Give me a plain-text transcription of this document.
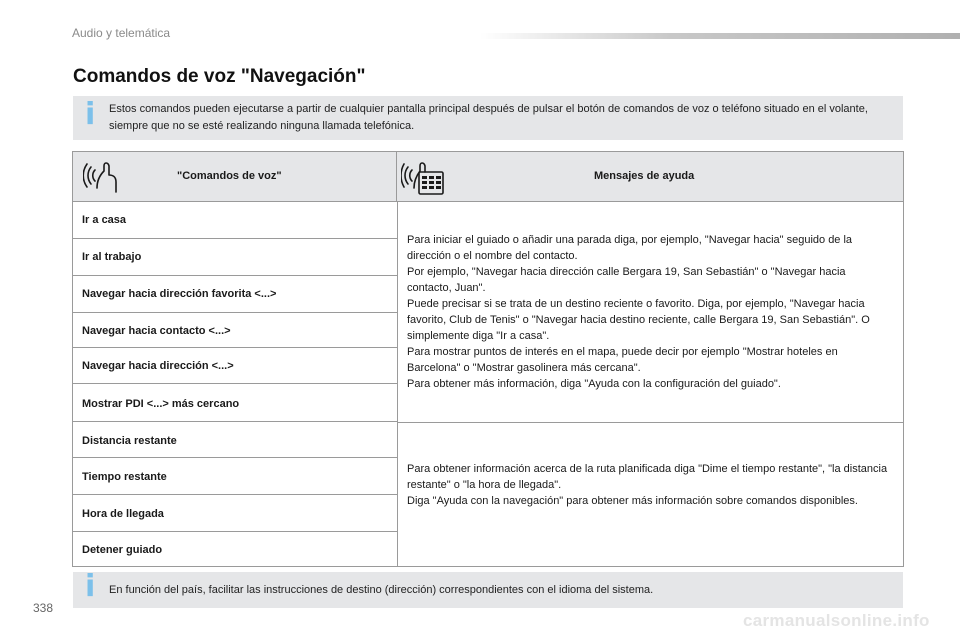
Audio y telemática
Comandos de voz "Navegación"
i Estos comandos pueden ejecutarse a partir de cualquier pantalla principal después de pulsar el botón de comandos de voz o teléfono situado en el volante, siempre que no se esté realizando ninguna llamada telefónica.

"Comandos de voz"	Mensajes de ayuda
Ir a casa
Ir al trabajo
Navegar hacia dirección favorita <...>
Navegar hacia contacto <...>
Navegar hacia dirección <...>
Mostrar PDI <...> más cercano
Distancia restante
Tiempo restante
Hora de llegada
Detener guiado

Para iniciar el guiado o añadir una parada diga, por ejemplo, "Navegar hacia" seguido de la dirección o el nombre del contacto.

Por ejemplo, "Navegar hacia dirección calle Bergara 19, San Sebastián" o "Navegar hacia contacto, Juan".

Puede precisar si se trata de un destino reciente o favorito. Diga, por ejemplo, "Navegar hacia favorito, Club de Tenis" o "Navegar hacia destino reciente, calle Bergara 19, San Sebastián". O simplemente diga "Ir a casa".

Para mostrar puntos de interés en el mapa, puede decir por ejemplo "Mostrar hoteles en Barcelona" o "Mostrar gasolinera más cercana".

Para obtener más información, diga "Ayuda con la configuración del guiado".

Para obtener información acerca de la ruta planificada diga "Dime el tiempo restante", "la distancia restante" o "la hora de llegada".

Diga "Ayuda con la navegación" para obtener más información sobre comandos disponibles.

i En función del país, facilitar las instrucciones de destino (dirección) correspondientes con el idioma del sistema.

338
carmanualsonline.info
